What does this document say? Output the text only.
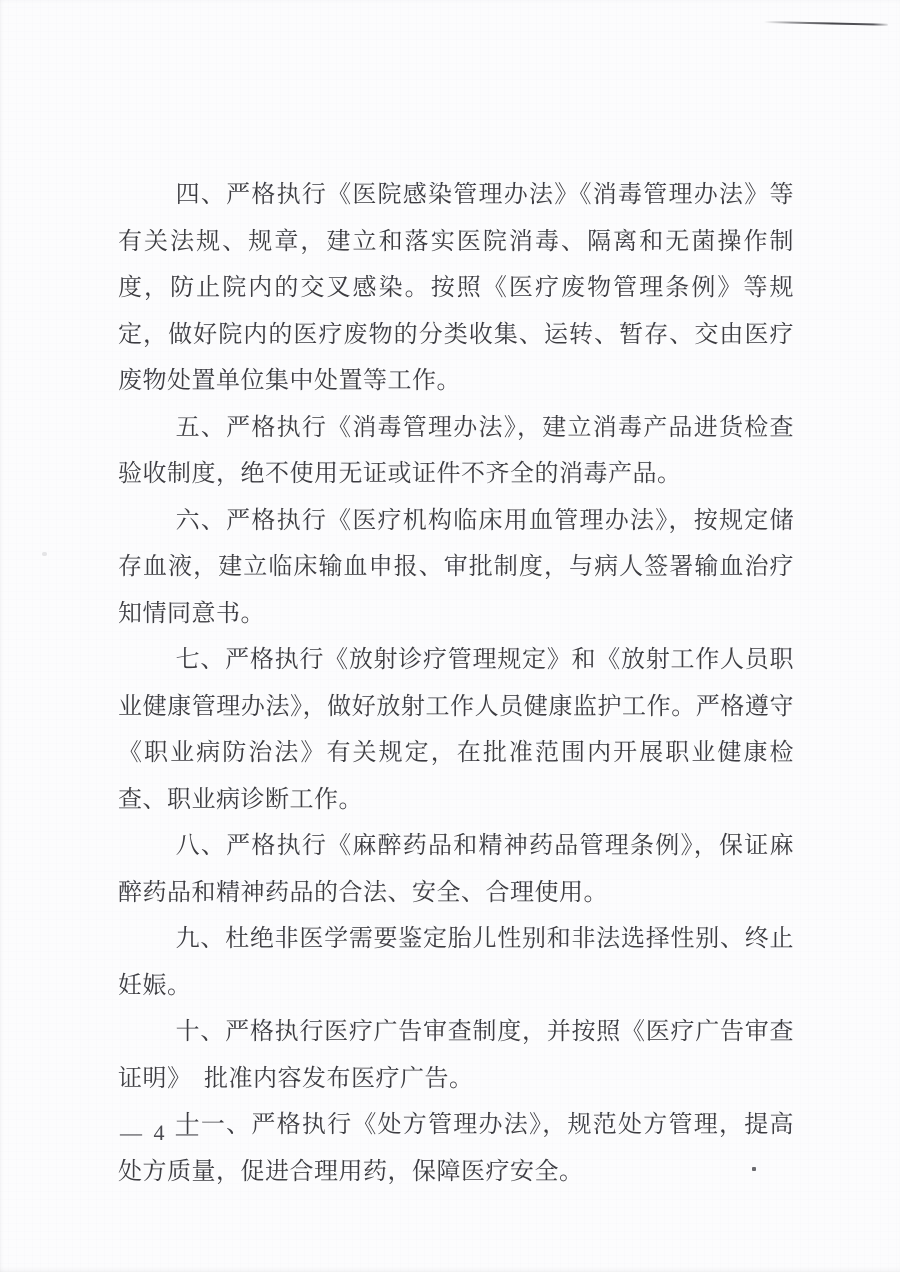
四、严格执行《医院感染管理办法》《消毒管理办法》等有关法规、规章，建立和落实医院消毒、隔离和无菌操作制度，防止院内的交叉感染。按照《医疗废物管理条例》等规定，做好院内的医疗废物的分类收集、运转、暂存、交由医疗废物处置单位集中处置等工作。

五、严格执行《消毒管理办法》，建立消毒产品进货检查验收制度，绝不使用无证或证件不齐全的消毒产品。

六、严格执行《医疗机构临床用血管理办法》，按规定储存血液，建立临床输血申报、审批制度，与病人签署输血治疗知情同意书。

七、严格执行《放射诊疗管理规定》和《放射工作人员职业健康管理办法》，做好放射工作人员健康监护工作。严格遵守《职业病防治法》有关规定，在批准范围内开展职业健康检查、职业病诊断工作。

八、严格执行《麻醉药品和精神药品管理条例》，保证麻醉药品和精神药品的合法、安全、合理使用。

九、杜绝非医学需要鉴定胎儿性别和非法选择性别、终止妊娠。

十、严格执行医疗广告审查制度，并按照《医疗广告审查证明》　批准内容发布医疗广告。

十一、严格执行《处方管理办法》，规范处方管理，提高处方质量，促进合理用药，保障医疗安全。

— 4 —
